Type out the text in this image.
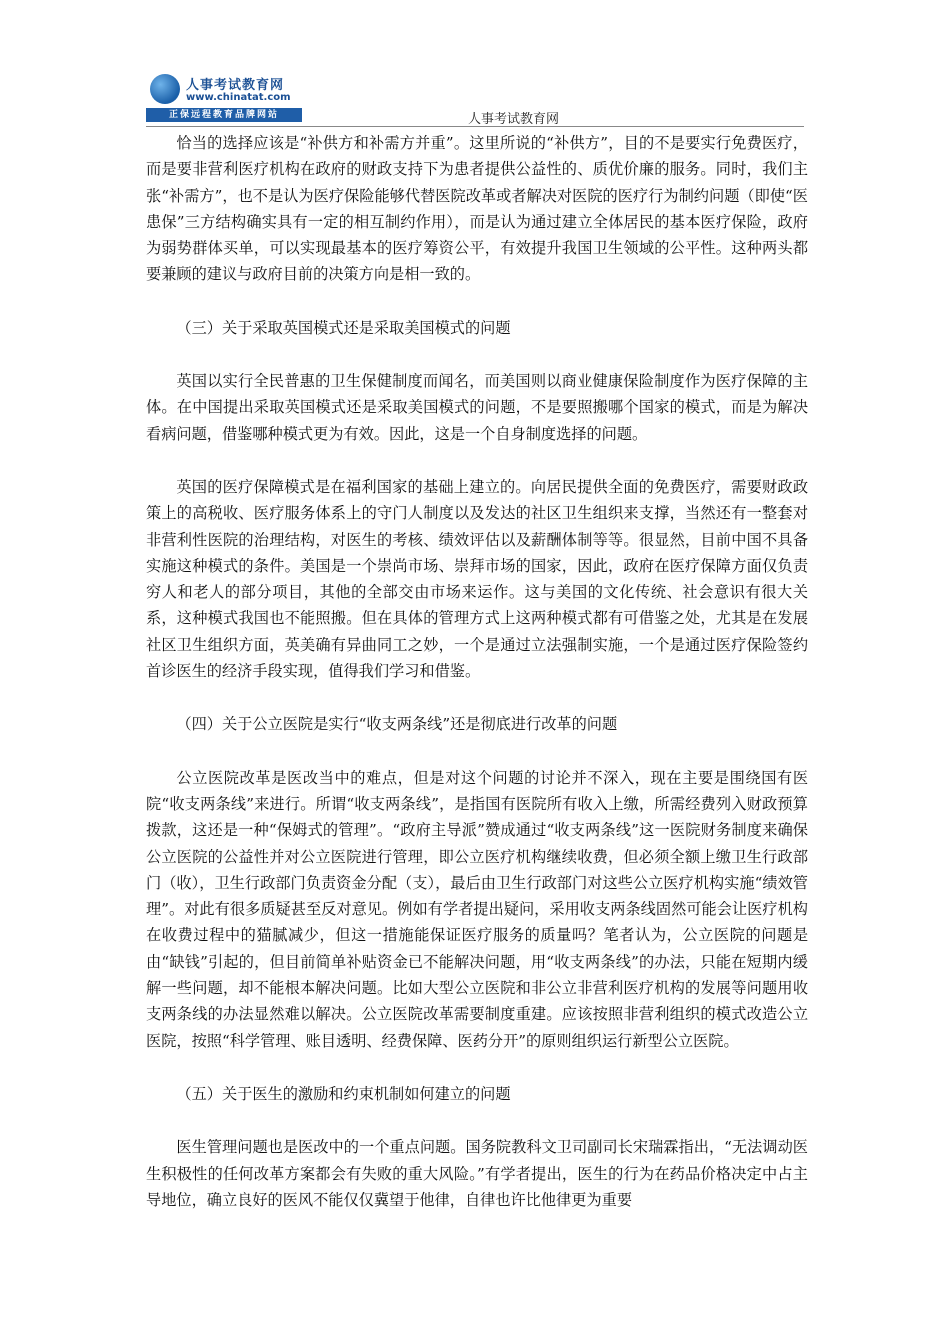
人事考试教育网
www.chinatat.com
正保远程教育品牌网站	人事考试教育网

恰当的选择应该是“补供方和补需方并重”。这里所说的“补供方”，目的不是要实行免费医疗，而是要非营利医疗机构在政府的财政支持下为患者提供公益性的、质优价廉的服务。同时，我们主张“补需方”，也不是认为医疗保险能够代替医院改革或者解决对医院的医疗行为制约问题（即使“医患保”三方结构确实具有一定的相互制约作用），而是认为通过建立全体居民的基本医疗保险，政府为弱势群体买单，可以实现最基本的医疗筹资公平，有效提升我国卫生领域的公平性。这种两头都要兼顾的建议与政府目前的决策方向是相一致的。

（三）关于采取英国模式还是采取美国模式的问题

英国以实行全民普惠的卫生保健制度而闻名，而美国则以商业健康保险制度作为医疗保障的主体。在中国提出采取英国模式还是采取美国模式的问题，不是要照搬哪个国家的模式，而是为解决看病问题，借鉴哪种模式更为有效。因此，这是一个自身制度选择的问题。

英国的医疗保障模式是在福利国家的基础上建立的。向居民提供全面的免费医疗，需要财政政策上的高税收、医疗服务体系上的守门人制度以及发达的社区卫生组织来支撑，当然还有一整套对非营利性医院的治理结构，对医生的考核、绩效评估以及薪酬体制等等。很显然，目前中国不具备实施这种模式的条件。美国是一个崇尚市场、崇拜市场的国家，因此，政府在医疗保障方面仅负责穷人和老人的部分项目，其他的全部交由市场来运作。这与美国的文化传统、社会意识有很大关系，这种模式我国也不能照搬。但在具体的管理方式上这两种模式都有可借鉴之处，尤其是在发展社区卫生组织方面，英美确有异曲同工之妙，一个是通过立法强制实施，一个是通过医疗保险签约首诊医生的经济手段实现，值得我们学习和借鉴。

（四）关于公立医院是实行“收支两条线”还是彻底进行改革的问题

公立医院改革是医改当中的难点，但是对这个问题的讨论并不深入，现在主要是围绕国有医院“收支两条线”来进行。所谓“收支两条线”，是指国有医院所有收入上缴，所需经费列入财政预算拨款，这还是一种“保姆式的管理”。“政府主导派”赞成通过“收支两条线”这一医院财务制度来确保公立医院的公益性并对公立医院进行管理，即公立医疗机构继续收费，但必须全额上缴卫生行政部门（收），卫生行政部门负责资金分配（支），最后由卫生行政部门对这些公立医疗机构实施“绩效管理”。对此有很多质疑甚至反对意见。例如有学者提出疑问，采用收支两条线固然可能会让医疗机构在收费过程中的猫腻减少，但这一措施能保证医疗服务的质量吗？笔者认为，公立医院的问题是由“缺钱”引起的，但目前简单补贴资金已不能解决问题，用“收支两条线”的办法，只能在短期内缓解一些问题，却不能根本解决问题。比如大型公立医院和非公立非营利医疗机构的发展等问题用收支两条线的办法显然难以解决。公立医院改革需要制度重建。应该按照非营利组织的模式改造公立医院，按照“科学管理、账目透明、经费保障、医药分开”的原则组织运行新型公立医院。

（五）关于医生的激励和约束机制如何建立的问题

医生管理问题也是医改中的一个重点问题。国务院教科文卫司副司长宋瑞霖指出，“无法调动医生积极性的任何改革方案都会有失败的重大风险。”有学者提出，医生的行为在药品价格决定中占主导地位，确立良好的医风不能仅仅冀望于他律，自律也许比他律更为重要
